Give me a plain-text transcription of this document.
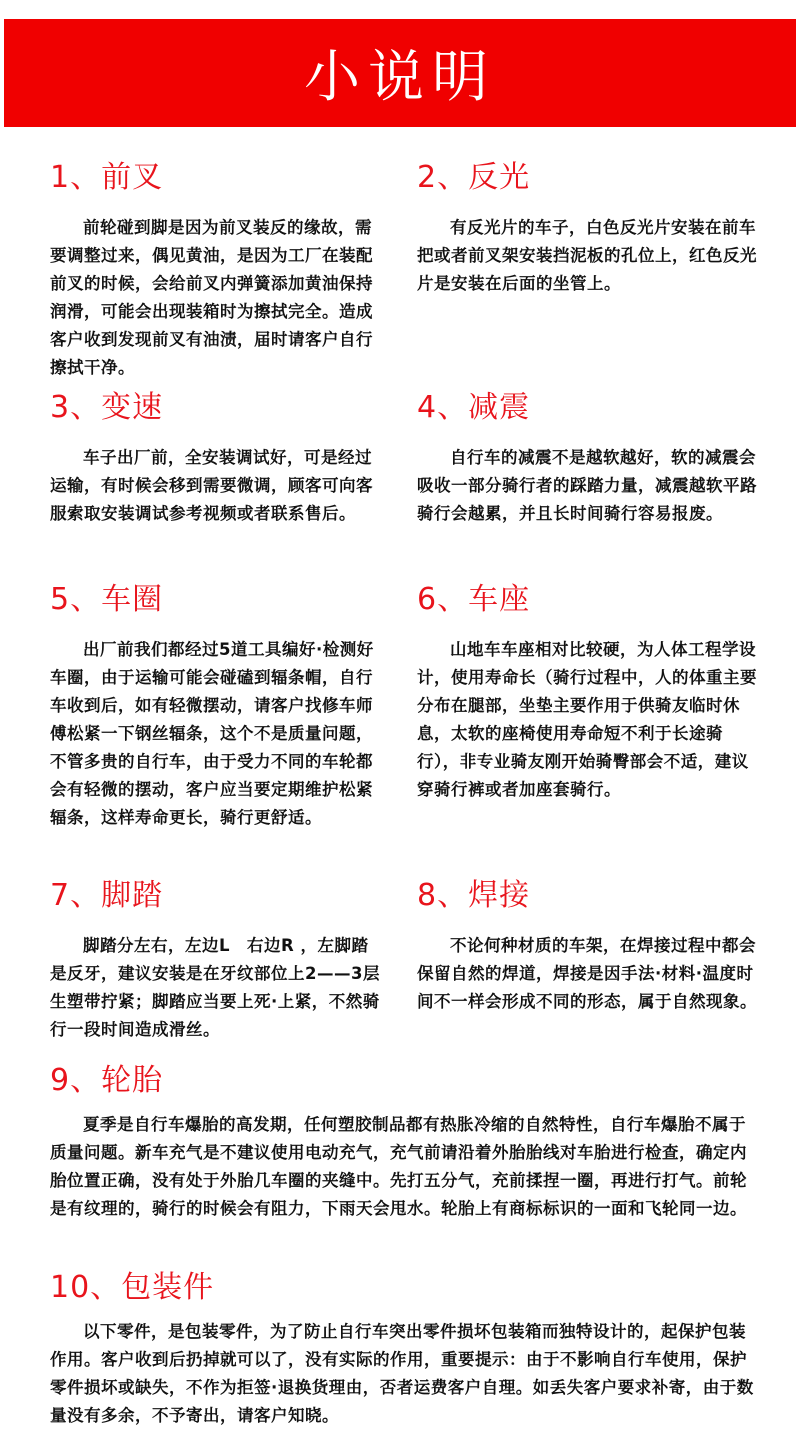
小说明
1、前叉

前轮碰到脚是因为前叉装反的缘故，需要调整过来，偶见黄油，是因为工厂在装配前叉的时候，会给前叉内弹簧添加黄油保持润滑，可能会出现装箱时为擦拭完全。造成客户收到发现前叉有油渍，届时请客户自行擦拭干净。

2、反光

有反光片的车子，白色反光片安装在前车把或者前叉架安装挡泥板的孔位上，红色反光片是安装在后面的坐管上。

3、变速

车子出厂前，全安装调试好，可是经过运输，有时候会移到需要微调，顾客可向客服索取安装调试参考视频或者联系售后。

4、减震

自行车的减震不是越软越好，软的减震会吸收一部分骑行者的踩踏力量，减震越软平路骑行会越累，并且长时间骑行容易报废。

5、车圈

出厂前我们都经过5道工具编好·检测好车圈，由于运输可能会碰磕到辐条帽，自行车收到后，如有轻微摆动，请客户找修车师傅松紧一下钢丝辐条，这个不是质量问题，不管多贵的自行车，由于受力不同的车轮都会有轻微的摆动，客户应当要定期维护松紧辐条，这样寿命更长，骑行更舒适。

6、车座

山地车车座相对比较硬，为人体工程学设计，使用寿命长（骑行过程中，人的体重主要分布在腿部，坐垫主要作用于供骑友临时休息，太软的座椅使用寿命短不利于长途骑行），非专业骑友刚开始骑臀部会不适，建议穿骑行裤或者加座套骑行。

7、脚踏

脚踏分左右，左边L　右边R ，左脚踏是反牙，建议安装是在牙纹部位上2——3层生塑带拧紧；脚踏应当要上死·上紧，不然骑行一段时间造成滑丝。

8、焊接

不论何种材质的车架，在焊接过程中都会保留自然的焊道，焊接是因手法·材料·温度时间不一样会形成不同的形态，属于自然现象。

9、轮胎

夏季是自行车爆胎的高发期，任何塑胶制品都有热胀冷缩的自然特性，自行车爆胎不属于质量问题。新车充气是不建议使用电动充气，充气前请沿着外胎胎线对车胎进行检查，确定内胎位置正确，没有处于外胎几车圈的夹缝中。先打五分气，充前揉捏一圈，再进行打气。前轮是有纹理的，骑行的时候会有阻力，下雨天会甩水。轮胎上有商标标识的一面和飞轮同一边。

10、包装件

以下零件，是包装零件，为了防止自行车突出零件损坏包装箱而独特设计的，起保护包装作用。客户收到后扔掉就可以了，没有实际的作用，重要提示：由于不影响自行车使用，保护零件损坏或缺失，不作为拒签·退换货理由，否者运费客户自理。如丢失客户要求补寄，由于数量没有多余，不予寄出，请客户知晓。
